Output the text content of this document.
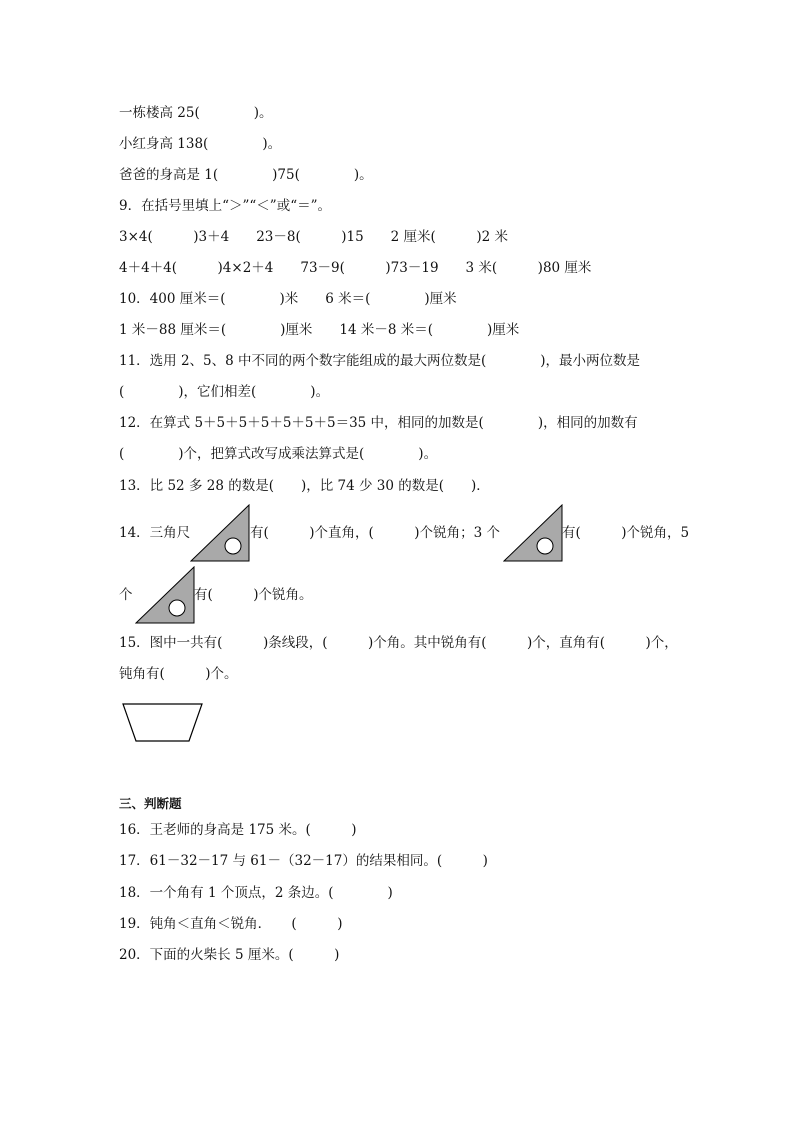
一栋楼高 25(　　　　)。
小红身高 138(　　　　)。
爸爸的身高是 1(　　　　)75(　　　　)。
9．在括号里填上“＞”“＜”或“＝”。
3×4(　　　)3＋4　　23－8(　　　)15　　2 厘米(　　　)2 米
4＋4＋4(　　　)4×2＋4　　73－9(　　　)73－19　　3 米(　　　)80 厘米
10．400 厘米＝(　　　　)米　　6 米＝(　　　　)厘米
1 米－88 厘米＝(　　　　)厘米　　14 米－8 米＝(　　　　)厘米
11．选用 2、5、8 中不同的两个数字能组成的最大两位数是(　　　　)，最小两位数是
(　　　　)，它们相差(　　　　)。
12．在算式 5＋5＋5＋5＋5＋5＋5＝35 中，相同的加数是(　　　　)，相同的加数有
(　　　　)个，把算式改写成乘法算式是(　　　　)。
13．比 52 多 28 的数是(　　)，比 74 少 30 的数是(　　)．
14．三角尺	有(　　　)个直角，(　　　)个锐角；3 个	有(　　　)个锐角，5
个	有(　　　)个锐角。
15．图中一共有(　　　)条线段，(　　　)个角。其中锐角有(　　　)个，直角有(　　　)个，
钝角有(　　　)个。
三、判断题
16．王老师的身高是 175 米。(　　　)
17．61－32－17 与 61－（32－17）的结果相同。(　　　)
18．一个角有 1 个顶点，2 条边。(　　　　)
19．钝角＜直角＜锐角．　　(　　　)
20．下面的火柴长 5 厘米。(　　　)
